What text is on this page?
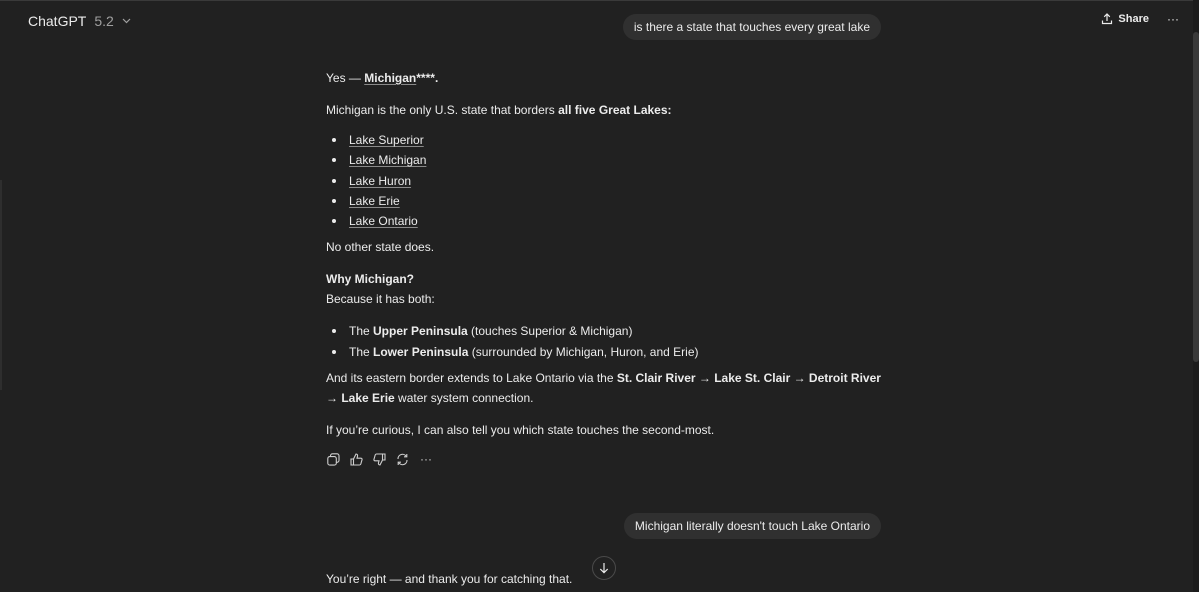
ChatGPT 5.2	Share ···
is there a state that touches every great lake

Yes — Michigan****.

Michigan is the only U.S. state that borders all five Great Lakes:

Lake Superior
Lake Michigan
Lake Huron
Lake Erie
Lake Ontario

No other state does.

Why Michigan?

Because it has both:

The Upper Peninsula (touches Superior & Michigan)
The Lower Peninsula (surrounded by Michigan, Huron, and Erie)

And its eastern border extends to Lake Ontario via the St. Clair River → Lake St. Clair → Detroit River → Lake Erie water system connection.

If you’re curious, I can also tell you which state touches the second-most.

···
Michigan literally doesn't touch Lake Ontario
You’re right — and thank you for catching that.
